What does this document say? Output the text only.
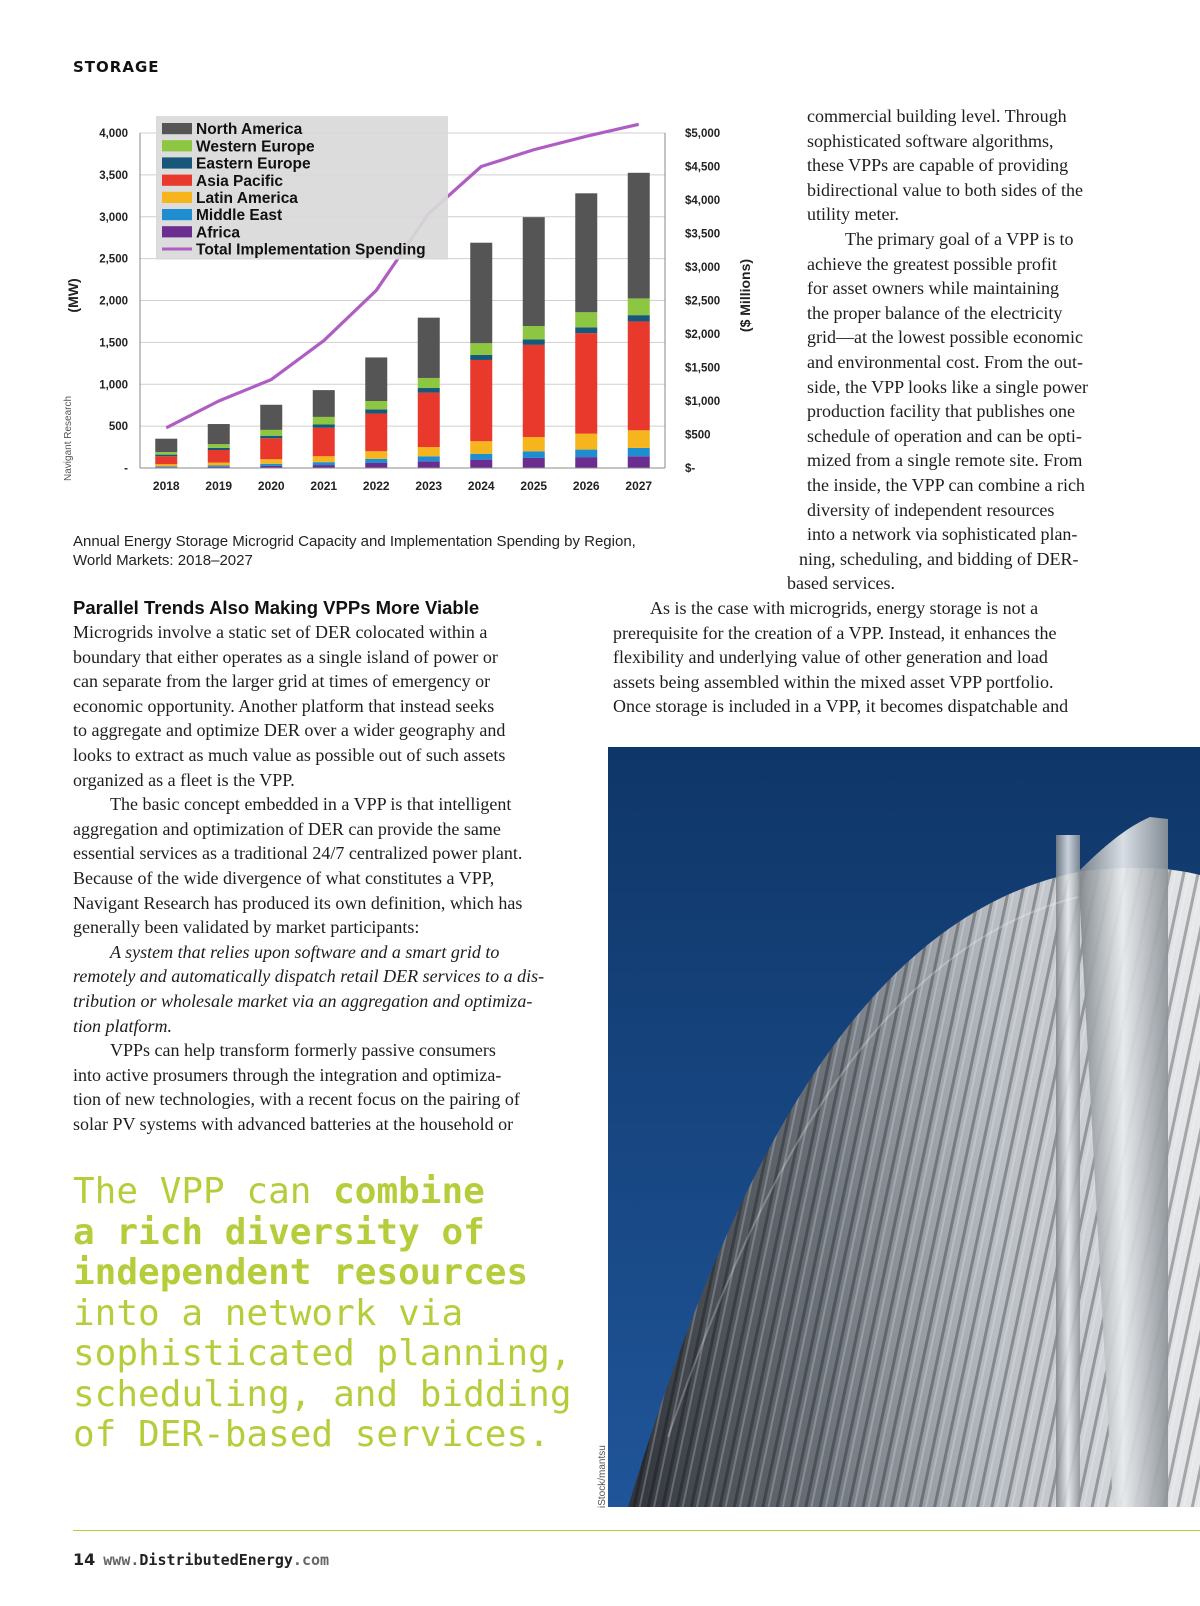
STORAGE
-
500
1,000
1,500
2,000
2,500
3,000
3,500
4,000
$-
$500
$1,000
$1,500
$2,000
$2,500
$3,000
$3,500
$4,000
$4,500
$5,000
2018 2019 2020 2021 2022 2023 2024 2025 2026 2027
(MW)	($ Millions)
North America
Western Europe
Eastern Europe
Asia Pacific
Latin America
Middle East
Africa
Total Implementation Spending
Navigant Research
Annual Energy Storage Microgrid Capacity and Implementation Spending by Region,
World Markets: 2018–2027
commercial building level. Through
sophisticated software algorithms,
these VPPs are capable of providing
bidirectional value to both sides of the
utility meter.
The primary goal of a VPP is to
achieve the greatest possible profit
for asset owners while maintaining
the proper balance of the electricity
grid—at the lowest possible economic
and environmental cost. From the out-
side, the VPP looks like a single power
production facility that publishes one
schedule of operation and can be opti-
mized from a single remote site. From
the inside, the VPP can combine a rich
diversity of independent resources
into a network via sophisticated plan-
ning, scheduling, and bidding of DER-
based services.
As is the case with microgrids, energy storage is not a
prerequisite for the creation of a VPP. Instead, it enhances the
flexibility and underlying value of other generation and load
assets being assembled within the mixed asset VPP portfolio.
Once storage is included in a VPP, it becomes dispatchable and
Parallel Trends Also Making VPPs More Viable
Microgrids involve a static set of DER colocated within a
boundary that either operates as a single island of power or
can separate from the larger grid at times of emergency or
economic opportunity. Another platform that instead seeks
to aggregate and optimize DER over a wider geography and
looks to extract as much value as possible out of such assets
organized as a fleet is the VPP.
The basic concept embedded in a VPP is that intelligent
aggregation and optimization of DER can provide the same
essential services as a traditional 24/7 centralized power plant.
Because of the wide divergence of what constitutes a VPP,
Navigant Research has produced its own definition, which has
generally been validated by market participants:
A system that relies upon software and a smart grid to
remotely and automatically dispatch retail DER services to a dis-
tribution or wholesale market via an aggregation and optimiza-
tion platform.
VPPs can help transform formerly passive consumers
into active prosumers through the integration and optimiza-
tion of new technologies, with a recent focus on the pairing of
solar PV systems with advanced batteries at the household or
The VPP can combine
a rich diversity of
independent resources
into a network via
sophisticated planning,
scheduling, and bidding
of DER-based services.
iStock/mantsu
14 www.DistributedEnergy.com
